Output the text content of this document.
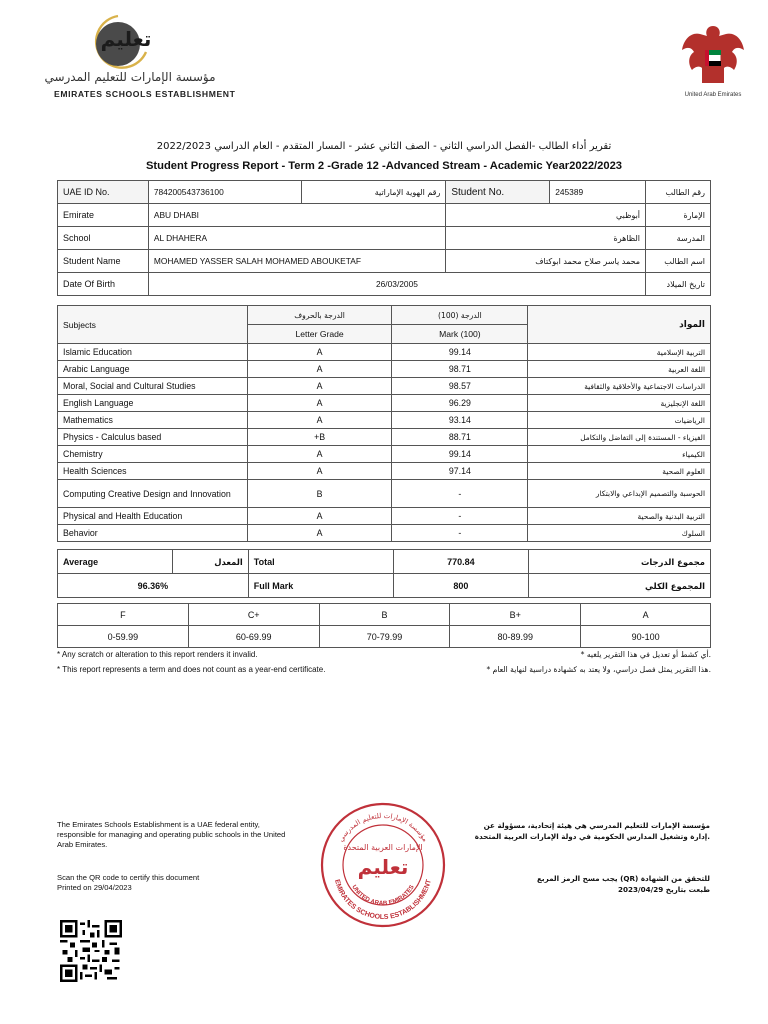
تعليم
مؤسسة الإمارات للتعليم المدرسي
EMIRATES SCHOOLS ESTABLISHMENT	United Arab Emirates
تقرير أداء الطالب -الفصل الدراسي الثاني - الصف الثاني عشر - المسار المتقدم - العام الدراسي 2022/2023
Student Progress Report - Term 2 -Grade 12 -Advanced Stream - Academic Year2022/2023
UAE ID No.	784200543736100	رقم الهوية الإماراتية	Student No.	245389	رقم الطالب
Emirate	ABU DHABI		أبوظبي		الإمارة
School	AL DHAHERA		الظاهرة		المدرسة
Student Name	MOHAMED YASSER SALAH MOHAMED ABOUKETAF		محمد ياسر صلاح محمد ابوكتاف		اسم الطالب
Date Of Birth	26/03/2005				تاريخ الميلاد
Subjects	الدرجة بالحروف	الدرجة (100)	المواد
	Letter Grade	Mark (100)	
Islamic Education	A	99.14	التربية الإسلامية
Arabic Language	A	98.71	اللغة العربية
Moral, Social and Cultural Studies	A	98.57	الدراسات الاجتماعية والأخلاقية والثقافية
English Language	A	96.29	اللغة الإنجليزية
Mathematics	A	93.14	الرياضيات
Physics - Calculus based	+B	88.71	الفيزياء - المستندة إلى التفاضل والتكامل
Chemistry	A	99.14	الكيمياء
Health Sciences	A	97.14	العلوم الصحية
Computing Creative Design and Innovation	B	-	الحوسبة والتصميم الإبداعي والابتكار
Physical and Health Education	A	-	التربية البدنية والصحية
Behavior	A	-	السلوك
Average	المعدل	Total	770.84	مجموع الدرجات
96.36%		Full Mark	800	المجموع الكلي
F	C+	B	B+	A
0-59.99	60-69.99	70-79.99	80-89.99	90-100
* Any scratch or alteration to this report renders it invalid.	* أي كشط أو تعديل في هذا التقرير يلغيه.
* This report represents a term and does not count as a year-end certificate.	* هذا التقرير يمثل فصل دراسي، ولا يعتد به كشهادة دراسية لنهاية العام.
The Emirates Schools Establishment is a UAE federal entity, responsible for managing and operating public schools in the United Arab Emirates.
مؤسسة الإمارات للتعليم المدرسي هي هيئة إتحادية، مسؤولة عن إدارة وتشغيل المدارس الحكومية في دولة الإمارات العربية المتحدة.
Scan the QR code to certify this document
Printed on 29/04/2023
يجب مسح الرمز المربع (QR) للتحقق من الشهادة
طبعت بتاريخ 2023/04/29
مؤسسة الإمارات للتعليم المدرسي
EMIRATES SCHOOLS ESTABLISHMENT
UNITED ARAB EMIRATES
الإمارات العربية المتحدة
تعليم
